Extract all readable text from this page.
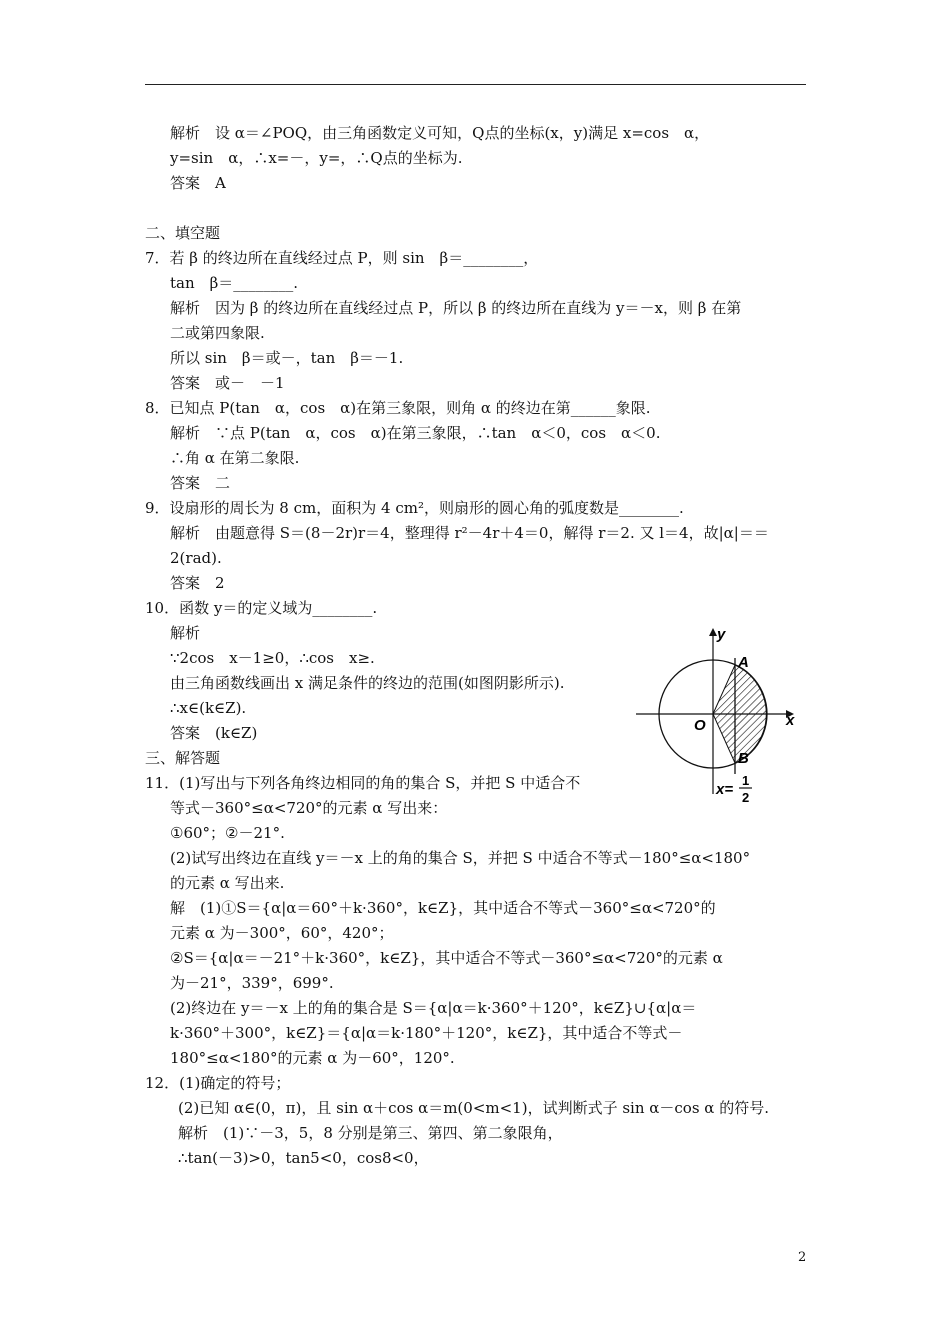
解析　设 α＝∠POQ，由三角函数定义可知，Q点的坐标(x，y)满足 x=cos　α，
y=sin　α，∴x=－，y=，∴Q点的坐标为.
答案　A
二、填空题
7．若 β 的终边所在直线经过点 P，则 sin　β＝________，
tan　β＝________.
解析　因为 β 的终边所在直线经过点 P，所以 β 的终边所在直线为 y＝－x，则 β 在第
二或第四象限.
所以 sin　β＝或－，tan　β＝－1.
答案　或－　－1
8．已知点 P(tan　α，cos　α)在第三象限，则角 α 的终边在第______象限.
解析　∵点 P(tan　α，cos　α)在第三象限，∴tan　α＜0，cos　α＜0.
∴角 α 在第二象限.
答案　二
9．设扇形的周长为 8 cm，面积为 4 cm²，则扇形的圆心角的弧度数是________.
解析　由题意得 S＝(8－2r)r＝4，整理得 r²－4r＋4＝0，解得 r＝2. 又 l＝4，故|α|＝＝
2(rad).
答案　2
10．函数 y＝的定义域为________.
解析
∵2cos　x－1≥0，∴cos　x≥.
由三角函数线画出 x 满足条件的终边的范围(如图阴影所示).
∴x∈(k∈Z).
答案　(k∈Z)
三、解答题
11．(1)写出与下列各角终边相同的角的集合 S，并把 S 中适合不
等式－360°≤α<720°的元素 α 写出来：
①60°；②－21°.
(2)试写出终边在直线 y＝－x 上的角的集合 S，并把 S 中适合不等式－180°≤α<180°
的元素 α 写出来.
解　(1)①S＝{α|α＝60°＋k·360°，k∈Z}，其中适合不等式－360°≤α<720°的
元素 α 为－300°，60°，420°；
②S＝{α|α＝－21°＋k·360°，k∈Z}，其中适合不等式－360°≤α<720°的元素 α
为－21°，339°，699°.
(2)终边在 y＝－x 上的角的集合是 S＝{α|α＝k·360°＋120°，k∈Z}∪{α|α＝
k·360°＋300°，k∈Z}＝{α|α＝k·180°＋120°，k∈Z}，其中适合不等式－
180°≤α<180°的元素 α 为－60°，120°.
12．(1)确定的符号；
(2)已知 α∈(0，π)，且 sin α＋cos α＝m(0<m<1)，试判断式子 sin α－cos α 的符号.
解析　(1)∵－3，5，8 分别是第三、第四、第二象限角，
∴tan(－3)>0，tan5<0，cos8<0，
x
y
O
A
B
x=
1
2
2
